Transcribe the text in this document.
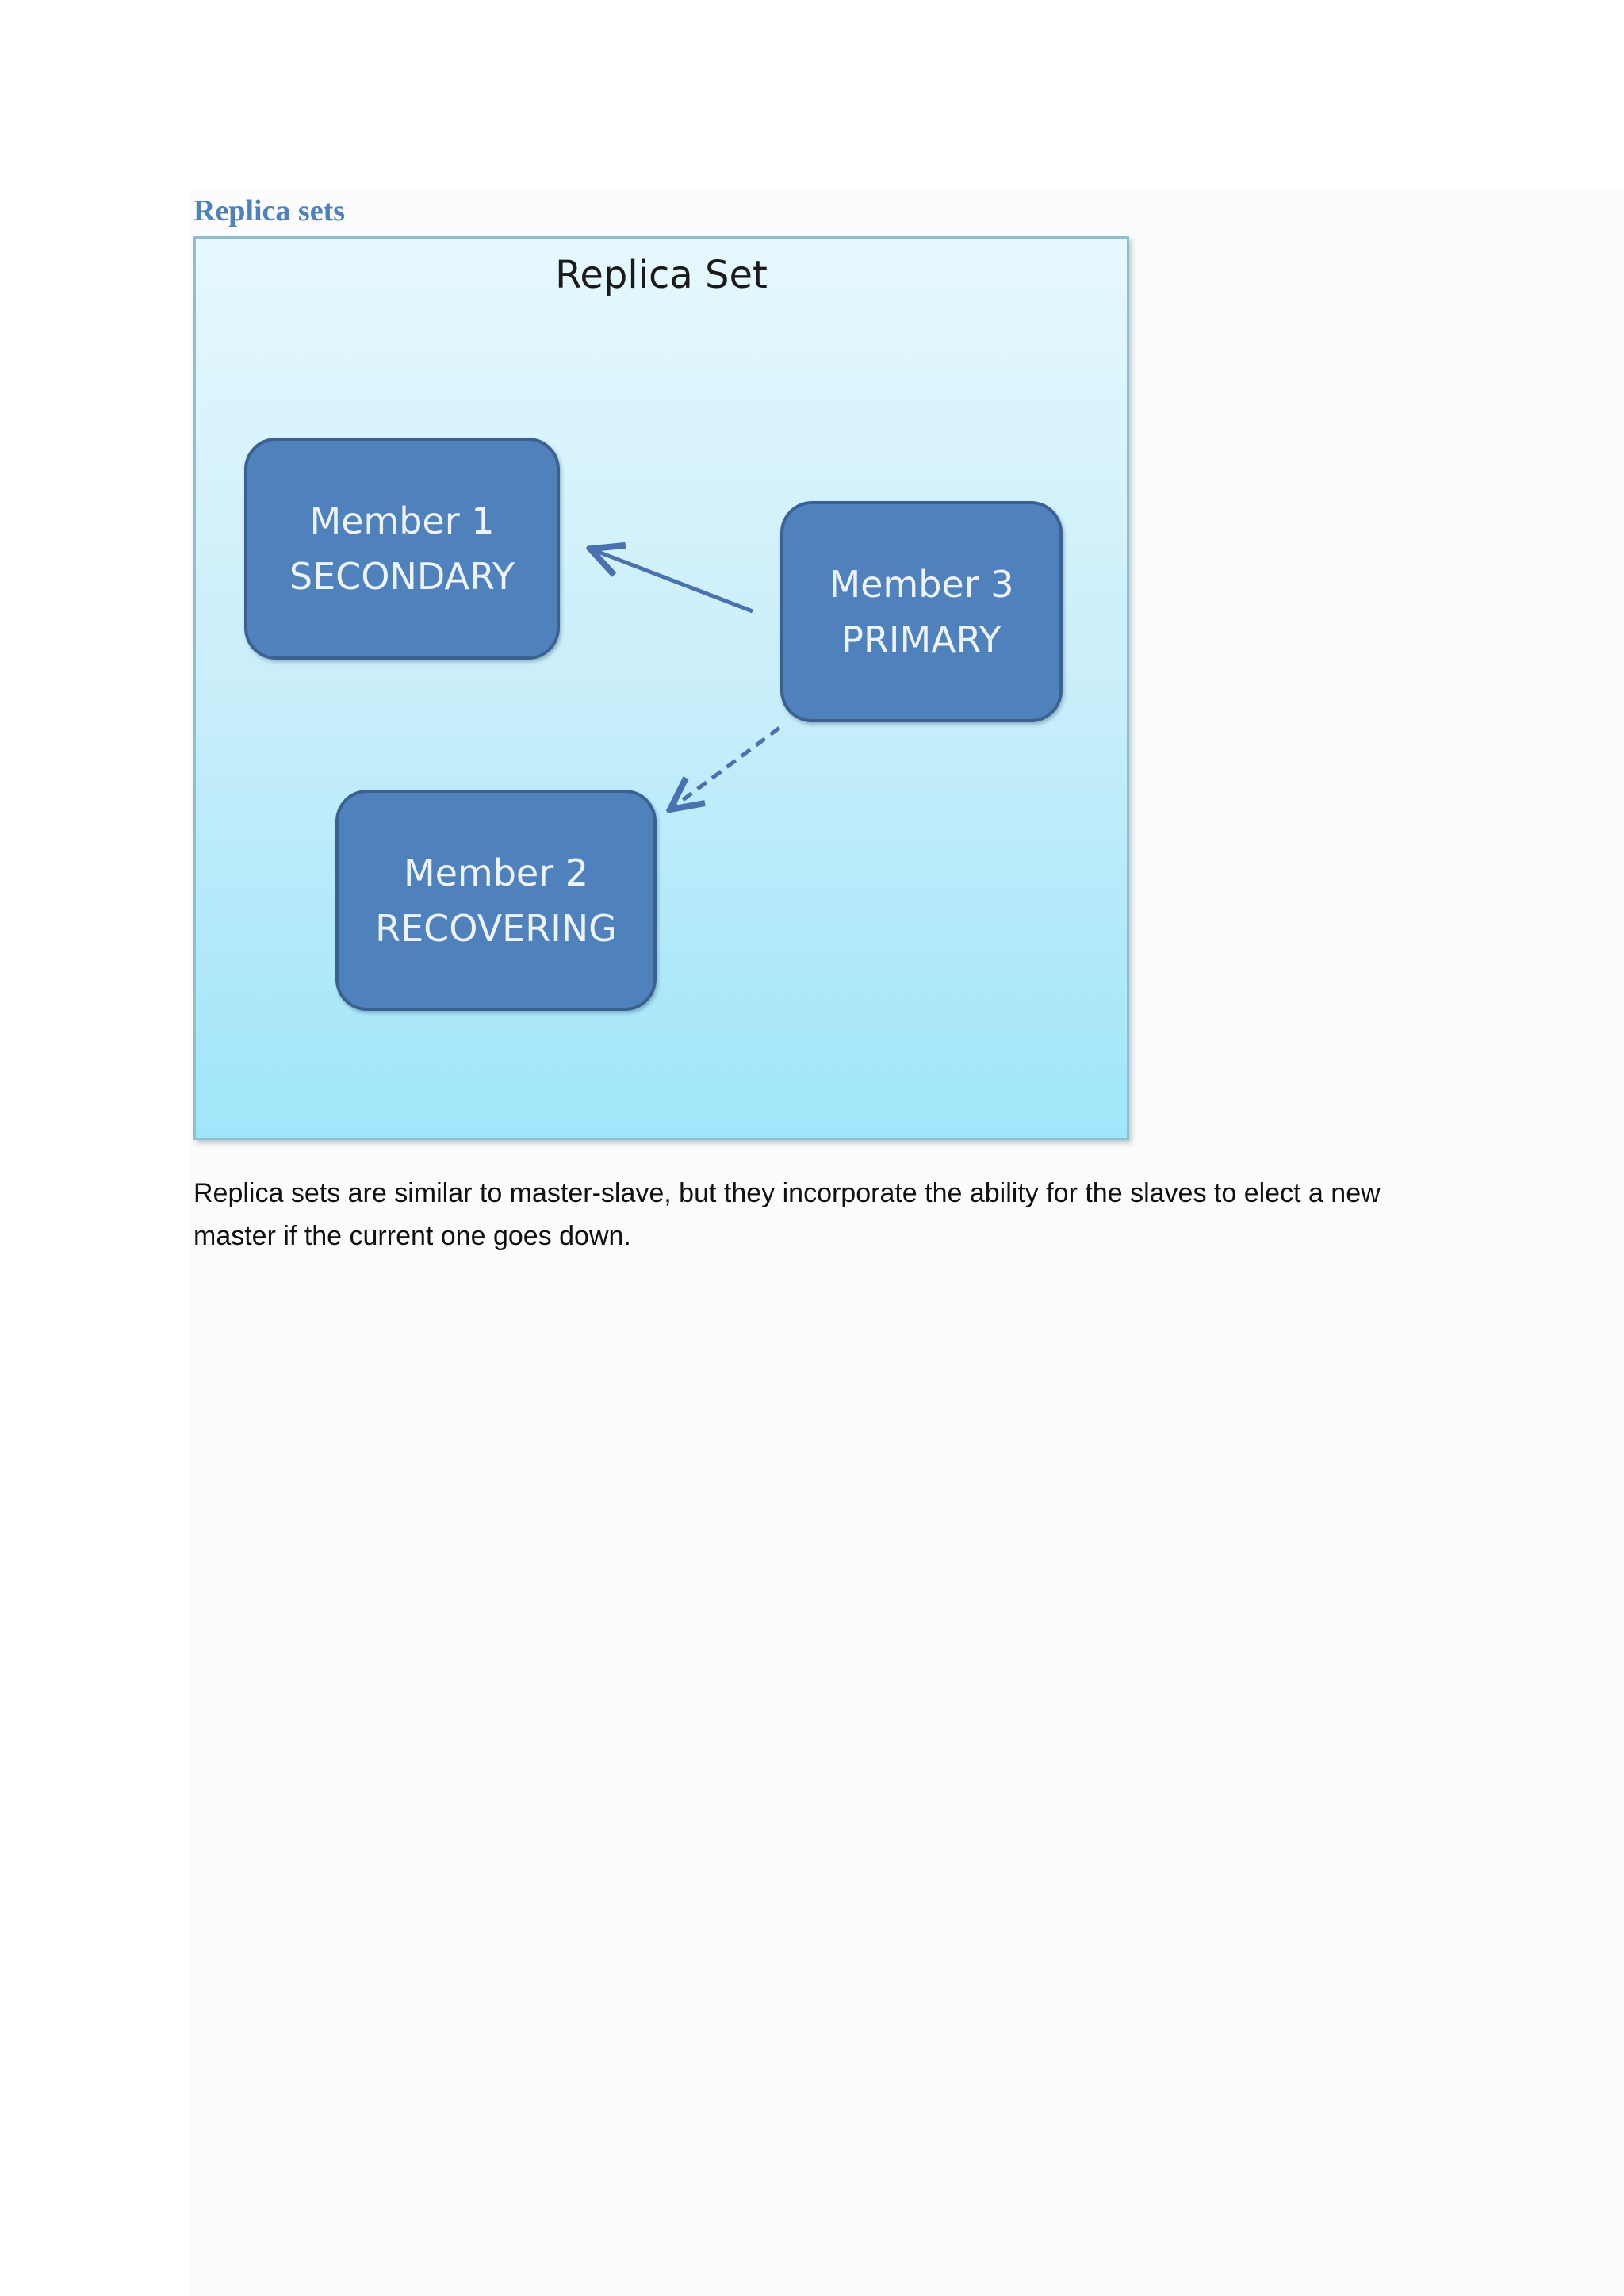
Replica sets
Replica Set
Member 1
SECONDARY	Member 3
PRIMARY
Member 2
RECOVERING

Replica sets are similar to master-slave, but they incorporate the ability for the slaves to elect a new master if the current one goes down.
